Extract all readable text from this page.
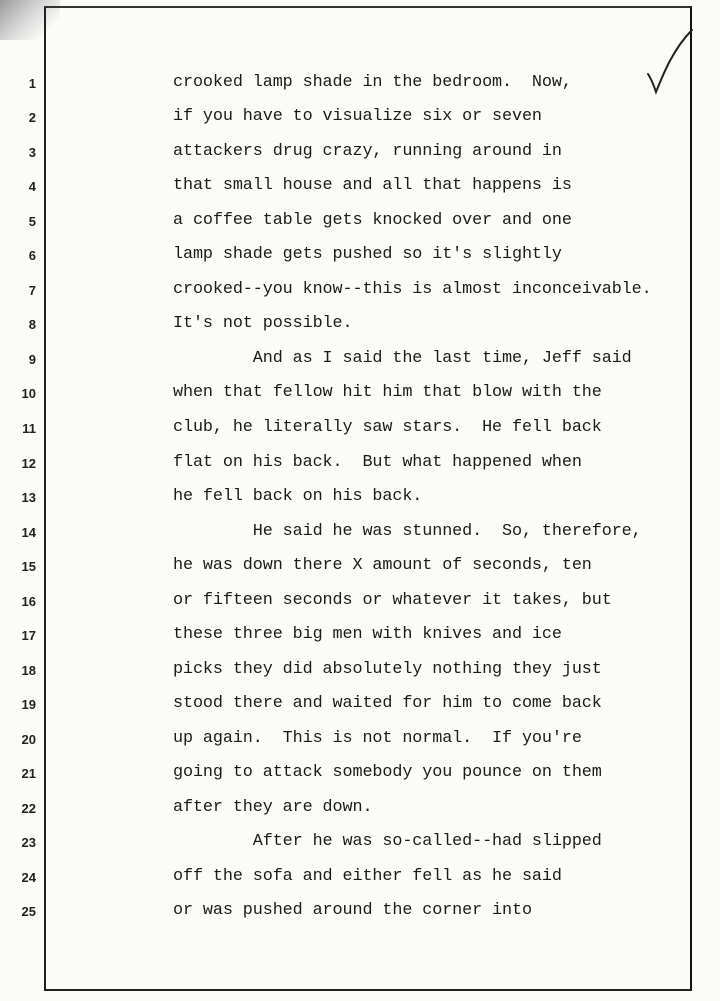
1
2
3
4
5
6
7
8
9
10
11
12
13
14
15
16
17
18
19
20
21
22
23
24
25
crooked lamp shade in the bedroom.  Now,
if you have to visualize six or seven
attackers drug crazy, running around in
that small house and all that happens is
a coffee table gets knocked over and one
lamp shade gets pushed so it's slightly
crooked--you know--this is almost inconceivable.
It's not possible.
And as I said the last time, Jeff said
when that fellow hit him that blow with the
club, he literally saw stars.  He fell back
flat on his back.  But what happened when
he fell back on his back.
He said he was stunned.  So, therefore,
he was down there X amount of seconds, ten
or fifteen seconds or whatever it takes, but
these three big men with knives and ice
picks they did absolutely nothing they just
stood there and waited for him to come back
up again.  This is not normal.  If you're
going to attack somebody you pounce on them
after they are down.
After he was so-called--had slipped
off the sofa and either fell as he said
or was pushed around the corner into
